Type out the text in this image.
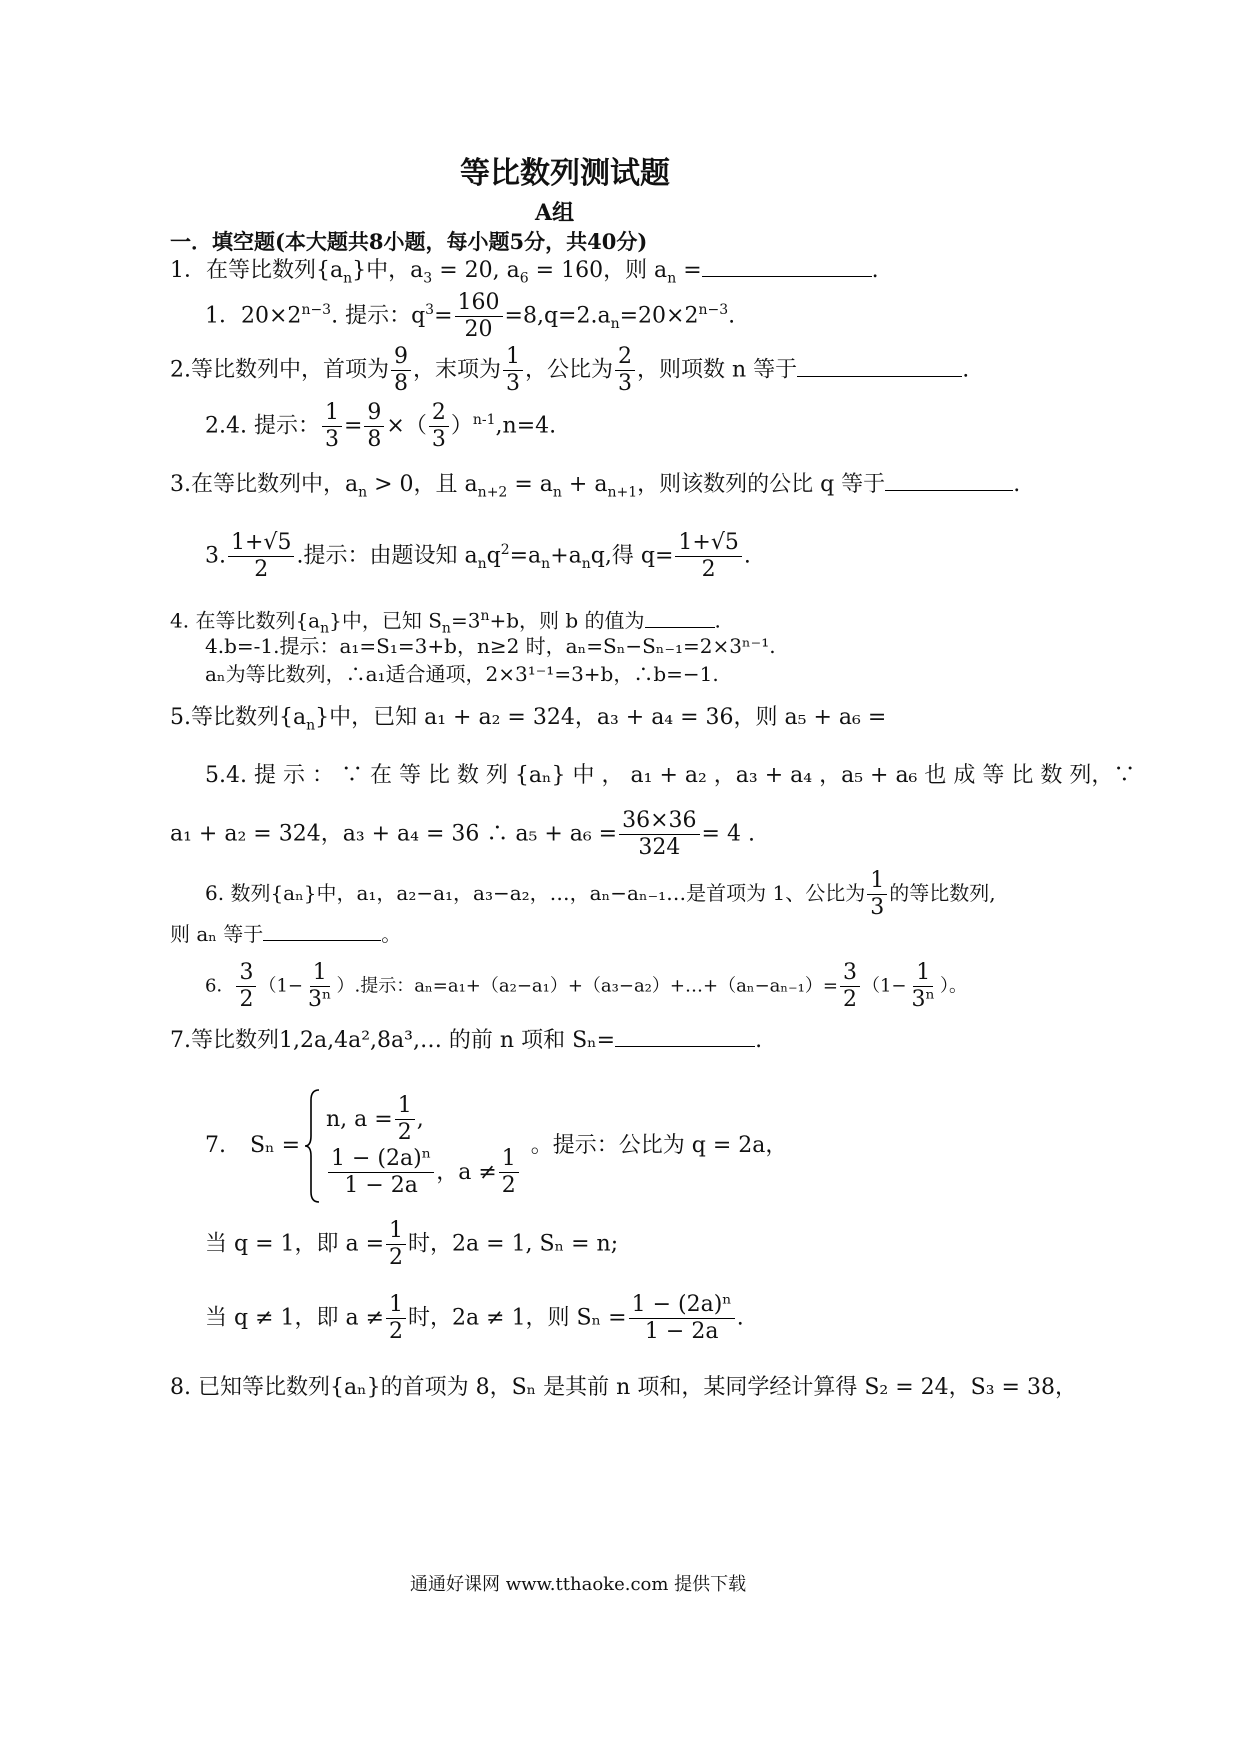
等比数列测试题
A组
一．填空题(本大题共8小题，每小题5分，共40分)
1．在等比数列$\{a_n\}$中，$a_3 = 20$, $a_6 = 160$，则 $a_n$ =	.
1．$20\times 2^{n-3}$. 提示：$q^3= \frac{160}{20} =8,q=2.a_n=20\times 2^{n-3}$.
2.等比数列中，首项为 $\frac{9}{8}$ ，末项为 $\frac{1}{3}$ ，公比为 $\frac{2}{3}$ ，则项数 n 等于	.
2.4. 提示： $\frac{1}{3} = \frac{9}{8}$ ×（ $\frac{2}{3} )^{n-1},n=4$.
3.在等比数列中，$a_n > 0$，且 $a_{n+2} = a_n + a_{n+1}$，则该数列的公比 q 等于	.
3. $\frac{1+√5}{2}$ .提示：由题设知 $a_nq^2=a_n+a_nq$,得 $q= \frac{1+√5}{2}$ .
4. 在等比数列$\{a_n\}$中，已知 $S_n=3^n+b$，则 b 的值为	.
4.b=-1.提示：a₁=S₁=3+b，n≥2 时，aₙ=Sₙ−Sₙ₋₁=2×3ⁿ⁻¹.
aₙ为等比数列，∴a₁适合通项，2×3¹⁻¹=3+b，∴b=−1.
5.等比数列$\{a_n\}$中，已知 a₁ + a₂ = 324，a₃ + a₄ = 36，则 a₅ + a₆ =
5.4. 提 示 ： ∵ 在 等 比 数 列 {aₙ} 中 ， a₁ + a₂ ，a₃ + a₄ ，a₅ + a₆ 也 成 等 比 数 列，∵
a₁ + a₂ = 324，a₃ + a₄ = 36 ∴ $a_5 + a_6 = \frac{36\times 36}{324} = 4$ .
6. 数列{aₙ}中，a₁，a₂−a₁，a₃−a₂，…，aₙ−aₙ₋₁…是首项为 1、公比为 $\frac{1}{3}$ 的等比数列,
则 aₙ 等于	。
6． $\frac{3}{2} (1- \frac{1}{\text{3ⁿ}}$ ）.提示：aₙ=a₁+（a₂−a₁）+（a₃−a₂）+…+（aₙ−aₙ₋₁）= $\frac{3}{2} (1- \frac{1}{\text{3ⁿ}}$ ）。
7.等比数列1,2a,4a²,8a³,… 的前 n 项和 Sₙ=	.
7. Sₙ =
n, $a = \frac{1}{2}$ ,
$\frac{\text{1 − (2a)ⁿ}}{1 - 2a}$ ，$a \ne \frac{1}{2}$
。提示：公比为 q = 2a，
当 q = 1，即 $a = \frac{1}{2}$ 时，2a = 1, Sₙ = n;
当 q ≠ 1，即 $a \ne \frac{1}{2}$ 时，2a ≠ 1，则 $S_n = \frac{\text{1 − (2a)ⁿ}}{1 - 2a}$ .
8. 已知等比数列{aₙ}的首项为 8，Sₙ 是其前 n 项和，某同学经计算得 S₂ = 24，S₃ = 38，
通通好课网 www.tthaoke.com 提供下载
